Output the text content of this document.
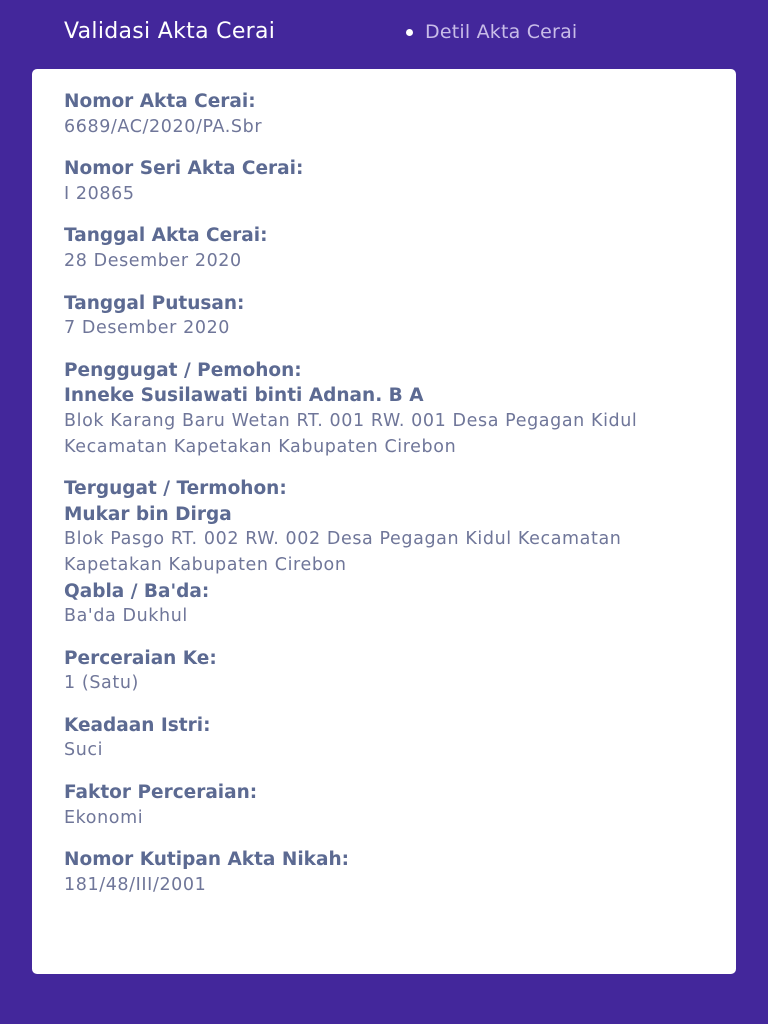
Validasi Akta Cerai	Detil Akta Cerai
Nomor Akta Cerai:
6689/AC/2020/PA.Sbr
Nomor Seri Akta Cerai:
I 20865
Tanggal Akta Cerai:
28 Desember 2020
Tanggal Putusan:
7 Desember 2020
Penggugat / Pemohon:
Inneke Susilawati binti Adnan. B A
Blok Karang Baru Wetan RT. 001 RW. 001 Desa Pegagan Kidul Kecamatan Kapetakan Kabupaten Cirebon
Tergugat / Termohon:
Mukar bin Dirga
Blok Pasgo RT. 002 RW. 002 Desa Pegagan Kidul Kecamatan Kapetakan Kabupaten Cirebon
Qabla / Ba'da:
Ba'da Dukhul
Perceraian Ke:
1 (Satu)
Keadaan Istri:
Suci
Faktor Perceraian:
Ekonomi
Nomor Kutipan Akta Nikah:
181/48/III/2001
